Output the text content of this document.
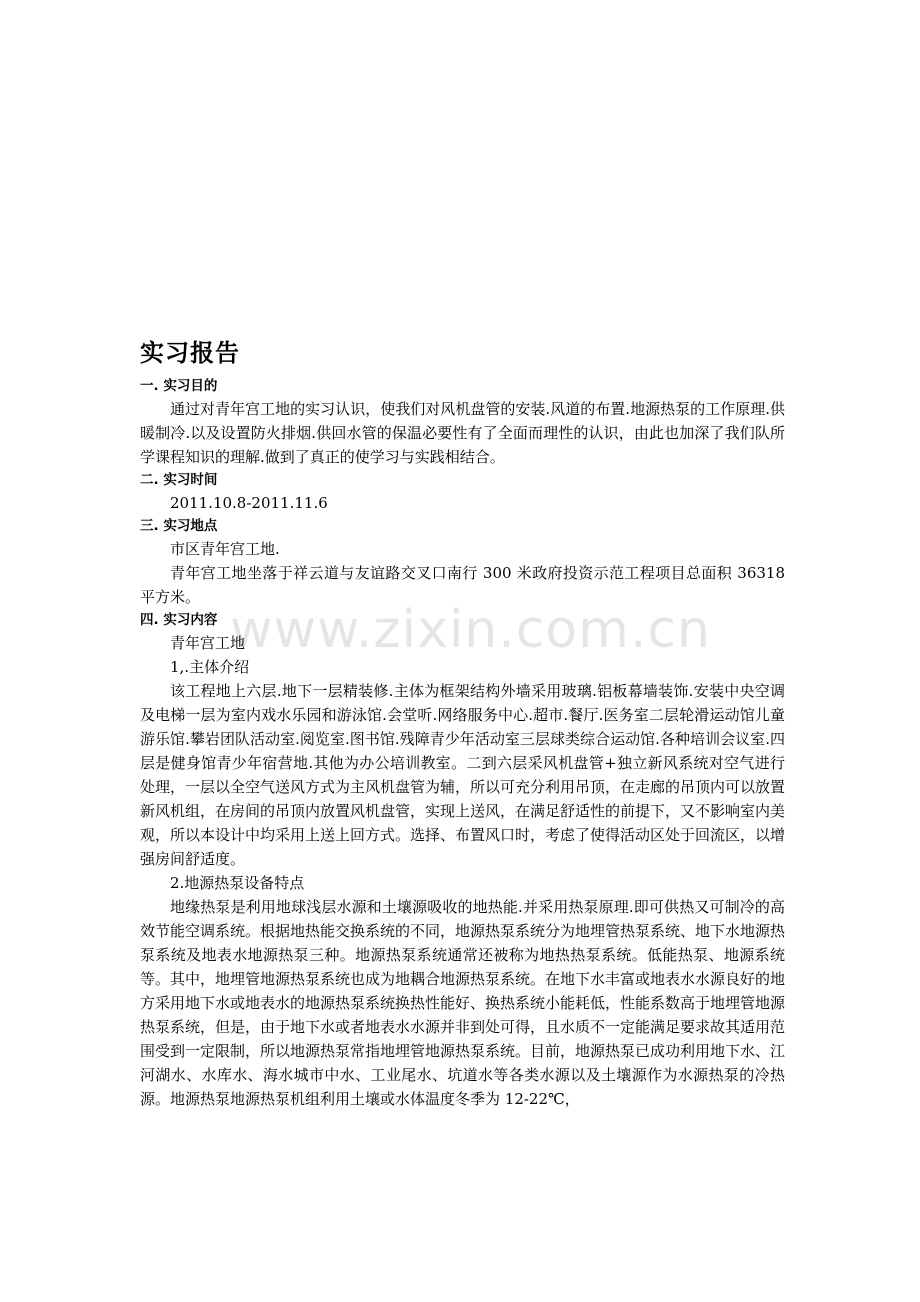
实习报告
一. 实习目的

通过对青年宫工地的实习认识，使我们对风机盘管的安装.风道的布置.地源热泵的工作原理.供暖制冷.以及设置防火排烟.供回水管的保温必要性有了全面而理性的认识，由此也加深了我们队所学课程知识的理解.做到了真正的使学习与实践相结合。

二. 实习时间
2011.10.8-2011.11.6
三. 实习地点
市区青年宫工地.

青年宫工地坐落于祥云道与友谊路交叉口南行 300 米政府投资示范工程项目总面积 36318 平方米。

四. 实习内容
青年宫工地
1,.主体介绍

该工程地上六层.地下一层精装修.主体为框架结构外墙采用玻璃.铝板幕墙装饰.安装中央空调及电梯一层为室内戏水乐园和游泳馆.会堂听.网络服务中心.超市.餐厅.医务室二层轮滑运动馆儿童游乐馆.攀岩团队活动室.阅览室.图书馆.残障青少年活动室三层球类综合运动馆.各种培训会议室.四层是健身馆青少年宿营地.其他为办公培训教室。二到六层采风机盘管+独立新风系统对空气进行处理，一层以全空气送风方式为主风机盘管为辅，所以可充分利用吊顶，在走廊的吊顶内可以放置新风机组，在房间的吊顶内放置风机盘管，实现上送风，在满足舒适性的前提下，又不影响室内美观，所以本设计中均采用上送上回方式。选择、布置风口时，考虑了使得活动区处于回流区，以增强房间舒适度。

2.地源热泵设备特点

地缘热泵是利用地球浅层水源和土壤源吸收的地热能.并采用热泵原理.即可供热又可制冷的高效节能空调系统。根据地热能交换系统的不同，地源热泵系统分为地埋管热泵系统、地下水地源热泵系统及地表水地源热泵三种。地源热泵系统通常还被称为地热热泵系统。低能热泵、地源系统等。其中，地埋管地源热泵系统也成为地耦合地源热泵系统。在地下水丰富或地表水水源良好的地方采用地下水或地表水的地源热泵系统换热性能好、换热系统小能耗低，性能系数高于地埋管地源热泵系统，但是，由于地下水或者地表水水源并非到处可得，且水质不一定能满足要求故其适用范围受到一定限制，所以地源热泵常指地埋管地源热泵系统。目前，地源热泵已成功利用地下水、江河湖水、水库水、海水城市中水、工业尾水、坑道水等各类水源以及土壤源作为水源热泵的冷热源。地源热泵地源热泵机组利用土壤或水体温度冬季为 12-22℃，

www.zixin.com.cn
